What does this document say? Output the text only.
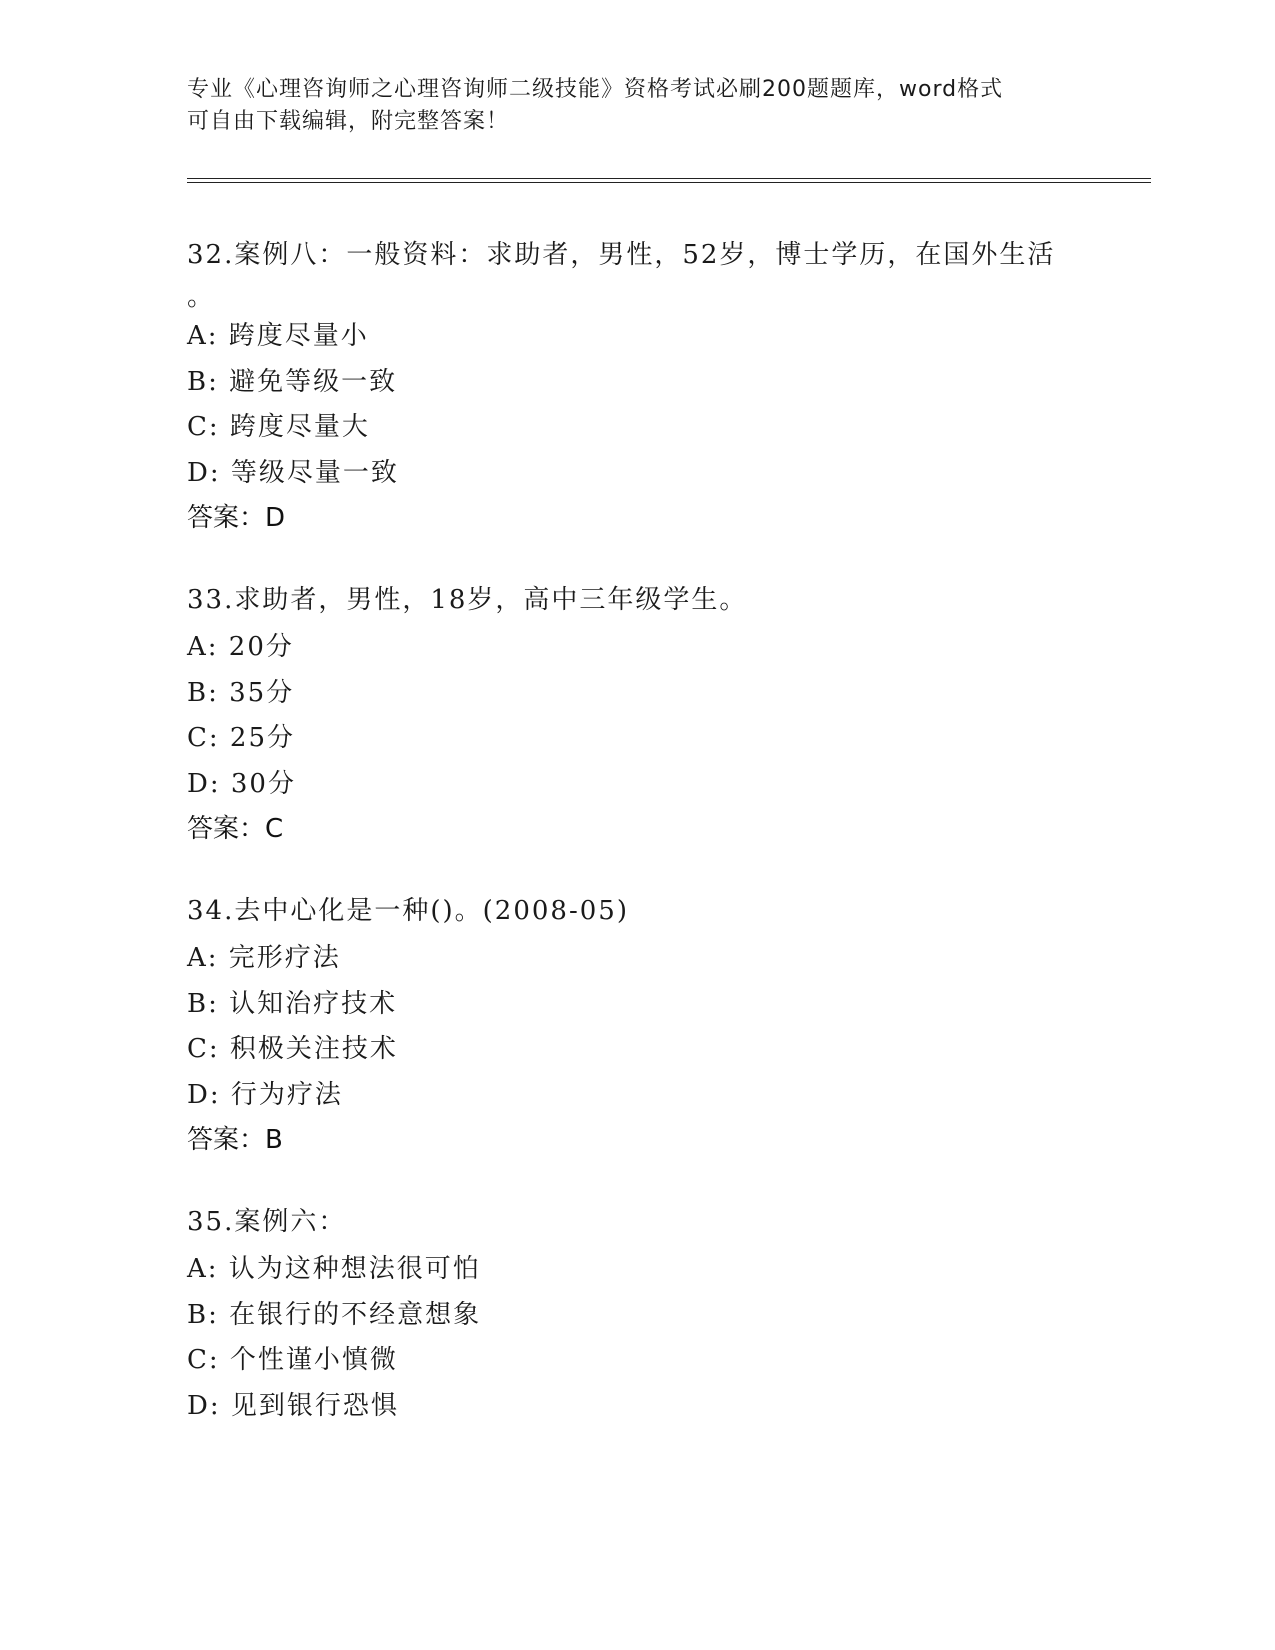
专业《心理咨询师之心理咨询师二级技能》资格考试必刷200题题库，word格式
可自由下载编辑，附完整答案！
32.案例八：一般资料：求助者，男性，52岁，博士学历，在国外生活
。
A: 跨度尽量小
B: 避免等级一致
C: 跨度尽量大
D: 等级尽量一致
答案：D
33.求助者，男性，18岁，高中三年级学生。
A: 20分
B: 35分
C: 25分
D: 30分
答案：C
34.去中心化是一种()。(2008-05)
A: 完形疗法
B: 认知治疗技术
C: 积极关注技术
D: 行为疗法
答案：B
35.案例六：
A: 认为这种想法很可怕
B: 在银行的不经意想象
C: 个性谨小慎微
D: 见到银行恐惧
